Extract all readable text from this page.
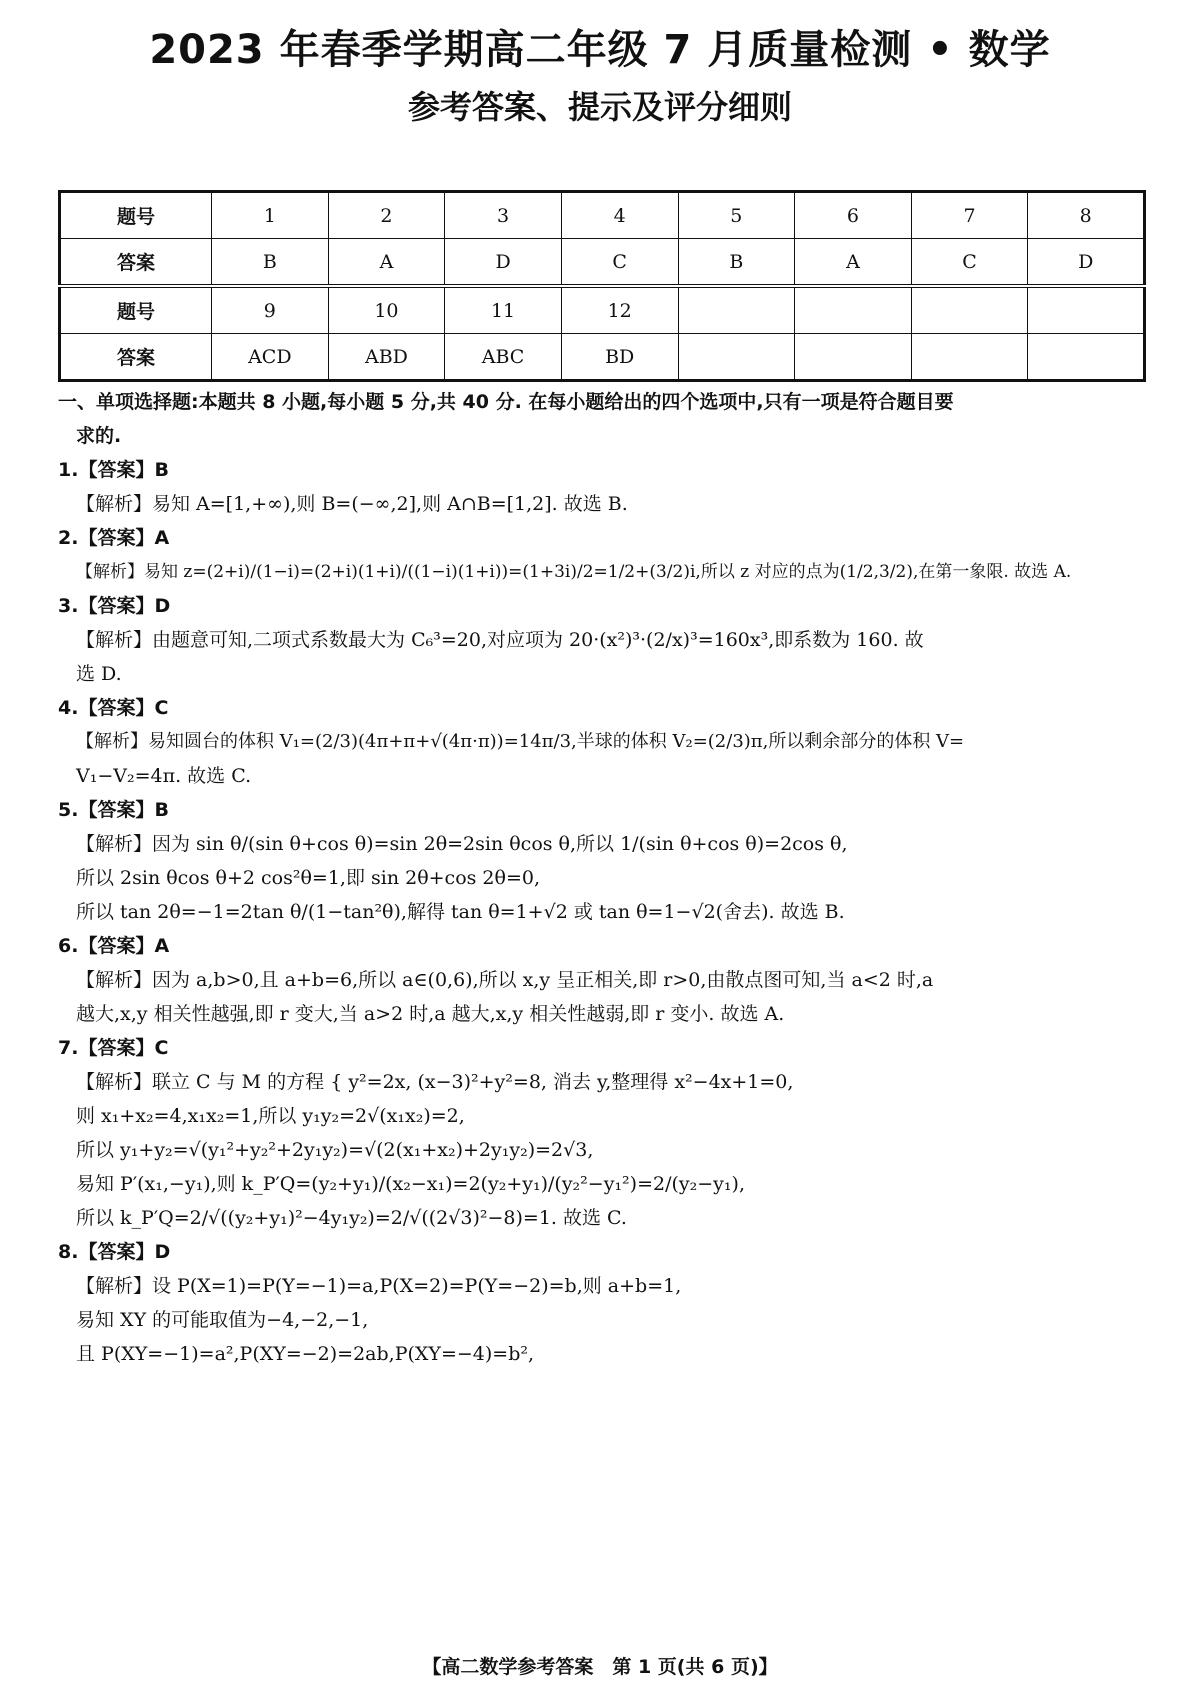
2023 年春季学期高二年级 7 月质量检测 • 数学
参考答案、提示及评分细则
题号	1	2	3	4	5	6	7	8
答案	B	A	D	C	B	A	C	D
题号	9	10	11	12				
答案	ACD	ABD	ABC	BD				

一、单项选择题:本题共 8 小题,每小题 5 分,共 40 分. 在每小题给出的四个选项中,只有一项是符合题目要

求的.

1.【答案】B

【解析】易知 A=[1,+∞),则 B=(−∞,2],则 A∩B=[1,2]. 故选 B.

2.【答案】A

【解析】易知 z=(2+i)/(1−i)=(2+i)(1+i)/((1−i)(1+i))=(1+3i)/2=1/2+(3/2)i,所以 z 对应的点为(1/2,3/2),在第一象限. 故选 A.

3.【答案】D

【解析】由题意可知,二项式系数最大为 C₆³=20,对应项为 20·(x²)³·(2/x)³=160x³,即系数为 160. 故

选 D.

4.【答案】C

【解析】易知圆台的体积 V₁=(2/3)(4π+π+√(4π·π))=14π/3,半球的体积 V₂=(2/3)π,所以剩余部分的体积 V=

V₁−V₂=4π. 故选 C.

5.【答案】B

【解析】因为 sin θ/(sin θ+cos θ)=sin 2θ=2sin θcos θ,所以 1/(sin θ+cos θ)=2cos θ,

所以 2sin θcos θ+2 cos²θ=1,即 sin 2θ+cos 2θ=0,

所以 tan 2θ=−1=2tan θ/(1−tan²θ),解得 tan θ=1+√2 或 tan θ=1−√2(舍去). 故选 B.

6.【答案】A

【解析】因为 a,b>0,且 a+b=6,所以 a∈(0,6),所以 x,y 呈正相关,即 r>0,由散点图可知,当 a<2 时,a

越大,x,y 相关性越强,即 r 变大,当 a>2 时,a 越大,x,y 相关性越弱,即 r 变小. 故选 A.

7.【答案】C

【解析】联立 C 与 M 的方程 { y²=2x, (x−3)²+y²=8, 消去 y,整理得 x²−4x+1=0,

则 x₁+x₂=4,x₁x₂=1,所以 y₁y₂=2√(x₁x₂)=2,

所以 y₁+y₂=√(y₁²+y₂²+2y₁y₂)=√(2(x₁+x₂)+2y₁y₂)=2√3,

易知 P′(x₁,−y₁),则 k_P′Q=(y₂+y₁)/(x₂−x₁)=2(y₂+y₁)/(y₂²−y₁²)=2/(y₂−y₁),

所以 k_P′Q=2/√((y₂+y₁)²−4y₁y₂)=2/√((2√3)²−8)=1. 故选 C.

8.【答案】D

【解析】设 P(X=1)=P(Y=−1)=a,P(X=2)=P(Y=−2)=b,则 a+b=1,

易知 XY 的可能取值为−4,−2,−1,

且 P(XY=−1)=a²,P(XY=−2)=2ab,P(XY=−4)=b²,

【高二数学参考答案　第 1 页(共 6 页)】
